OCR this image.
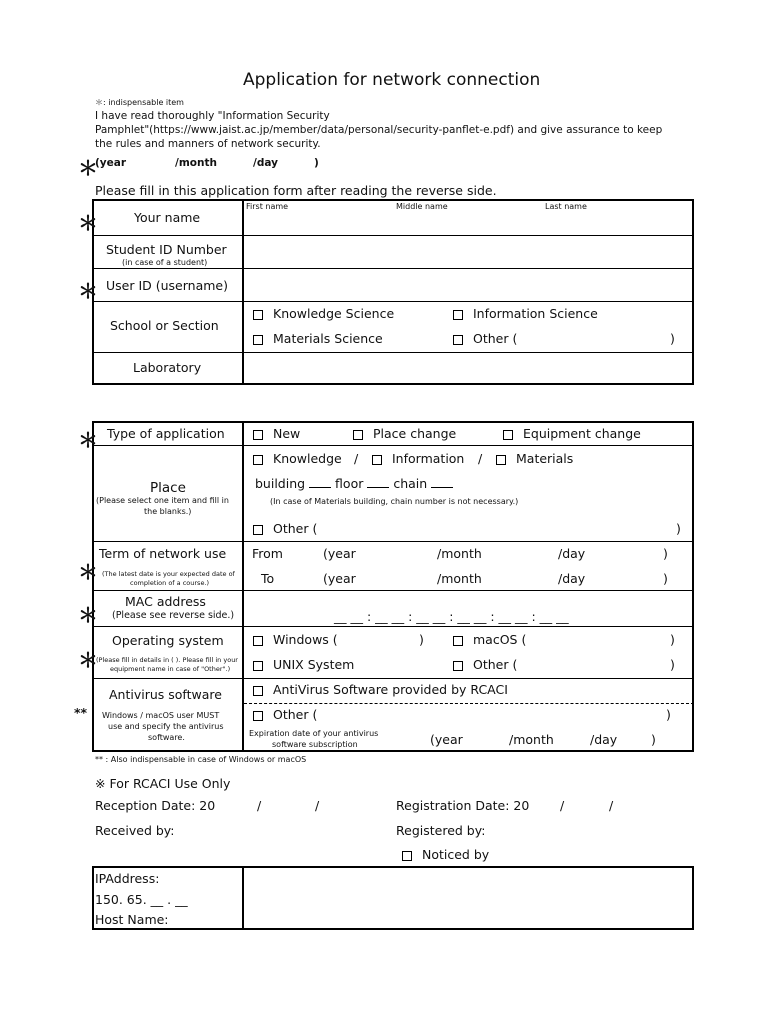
Application for network connection
＊: indispensable item
I have read thoroughly "Information Security
Pamphlet"(https://www.jaist.ac.jp/member/data/personal/security-panflet-e.pdf) and give assurance to keep
the rules and manners of network security.
＊
(year	/month	/day	)
Please fill in this application form after reading the reverse side.
＊	Your name
First name	Middle name	Last name
Student ID Number
(in case of a student)
＊ User ID (username)
School or Section
Knowledge Science	Information Science
Materials Science	Other (	)
Laboratory
＊ Type of application	New	Place change	Equipment change
Place
(Please select one item and fill in
the blanks.)
Knowledge /	Information /	Materials
building floor chain
(In case of Materials building, chain number is not necessary.)
Other (	)
＊
Term of network use
(The latest date is your expected date of
completion of a course.)
From	(year	/month	/day	)
To	(year	/month	/day	)
＊
MAC address
(Please see reverse side.)	__ __ : __ __ : __ __ : __ __ : __ __ : __ __
＊
Operating system
(Please fill in details in ( ). Please fill in your
equipment name in case of "Other".)
Windows (	)	macOS (	)
UNIX System	Other (	)
**
Antivirus software
Windows / macOS user MUST
use and specify the antivirus
software.
AntiVirus Software provided by RCACI
Other (	)
Expiration date of your antivirus
software subscription	(year	/month	/day	)
** : Also indispensable in case of Windows or macOS
※ For RCACI Use Only
Reception Date: 20	/	/	Registration Date: 20 /	/
Received by:	Registered by:
Noticed by
IPAddress:
150. 65. __ . __
Host Name:
